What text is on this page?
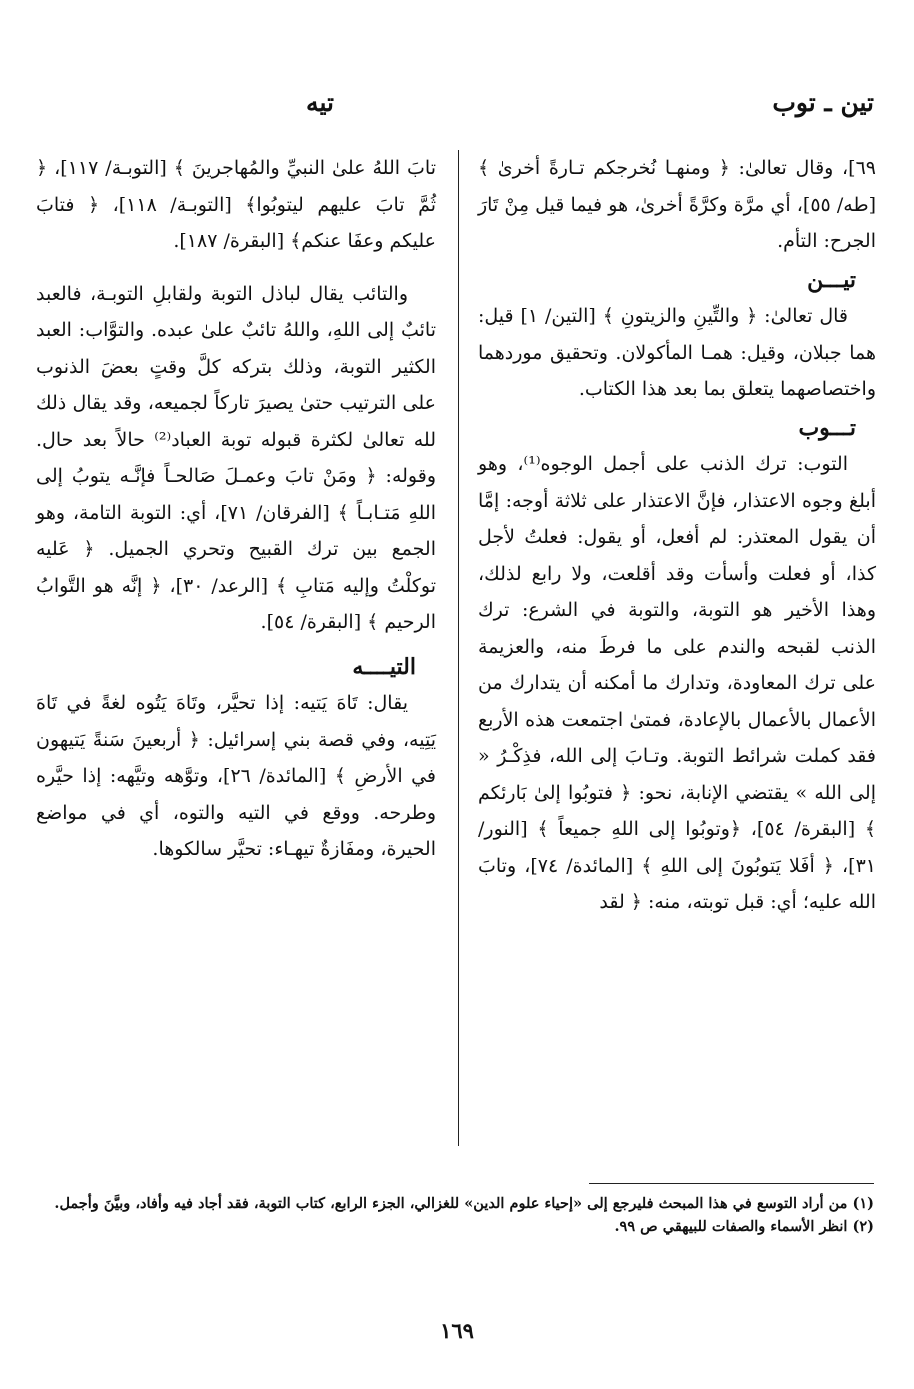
تين ـ توب
تيه

٦٩]، وقال تعالىٰ: ﴿ ومنهـا نُخرجكم تـارةً أخرىٰ ﴾ [طه/ ٥٥]، أي مرَّة وكرَّةً أخرىٰ، هو فيما قيل مِنْ تَارَ الجرح: التأم.

تيـــن

قال تعالىٰ: ﴿ والتِّينِ والزيتونِ ﴾ [التين/ ١] قيل: هما جبلان، وقيل: همـا المأكولان. وتحقيق موردهما واختصاصهما يتعلق بما بعد هذا الكتاب.

تـــوب

التوب: ترك الذنب على أجمل الوجوه⁽¹⁾، وهو أبلغ وجوه الاعتذار، فإنَّ الاعتذار على ثلاثة أوجه: إمَّا أن يقول المعتذر: لم أفعل، أو يقول: فعلتُ لأجل كذا، أو فعلت وأسأت وقد أقلعت، ولا رابع لذلك، وهذا الأخير هو التوبة، والتوبة في الشرع: ترك الذنب لقبحه والندم على ما فرطَ منه، والعزيمة على ترك المعاودة، وتدارك ما أمكنه أن يتدارك من الأعمال بالأعمال بالإعادة، فمتىٰ اجتمعت هذه الأربع فقد كملت شرائط التوبة. وتـابَ إلى الله، فذِكْـرُ « إلى الله » يقتضي الإنابة، نحو: ﴿ فتوبُوا إلىٰ بَارئكم ﴾ [البقرة/ ٥٤]، ﴿وتوبُوا إلى اللهِ جميعاً ﴾ [النور/ ٣١]، ﴿ أفَلا يَتوبُونَ إلى اللهِ ﴾ [المائدة/ ٧٤]، وتابَ الله عليه؛ أي: قبل توبته، منه: ﴿ لقد

تابَ اللهُ علىٰ النبيِّ والمُهاجرينَ ﴾ [التوبـة/ ١١٧]، ﴿ ثُمَّ تابَ عليهم ليتوبُوا﴾ [التوبـة/ ١١٨]، ﴿ فتابَ عليكم وعفَا عنكم﴾ [البقرة/ ١٨٧].

والتائب يقال لباذل التوبة ولقابلِ التوبـة، فالعبد تائبٌ إلى اللهِ، واللهُ تائبٌ علىٰ عبده. والتوَّاب: العبد الكثير التوبة، وذلك بتركه كلَّ وقتٍ بعضَ الذنوب على الترتيب حتىٰ يصيرَ تاركاً لجميعه، وقد يقال ذلك لله تعالىٰ لكثرة قبوله توبة العباد⁽²⁾ حالاً بعد حال. وقوله: ﴿ ومَنْ تابَ وعمـلَ صَالحـاً فإنَّـه يتوبُ إلى اللهِ مَتـابـاً ﴾ [الفرقان/ ٧١]، أي: التوبة التامة، وهو الجمع بين ترك القبيح وتحري الجميل. ﴿ عَليه توكلْتُ وإليه مَتابِ ﴾ [الرعد/ ٣٠]، ﴿ إنَّه هو التَّوابُ الرحيم ﴾ [البقرة/ ٥٤].

التيــــه

يقال: تَاهَ يَتيه: إذا تحيَّر، وتَاهَ يَتُوه لغةً في تَاهَ يَتِيه، وفي قصة بني إسرائيل: ﴿ أربعينَ سَنةً يَتيهون في الأرضِ ﴾ [المائدة/ ٢٦]، وتوَّهه وتيَّهه: إذا حيَّره وطرحه. ووقع في التيه والتوه، أي في مواضع الحيرة، ومفَازةٌ تيهـاء: تحيَّر سالكوها.

(١) من أراد التوسع في هذا المبحث فليرجع إلى «إحياء علوم الدين» للغزالي، الجزء الرابع، كتاب التوبة، فقد أجاد فيه وأفاد، وبيَّنَ وأجمل.

(٢) انظر الأسماء والصفات للبيهقي ص ٩٩.

١٦٩
